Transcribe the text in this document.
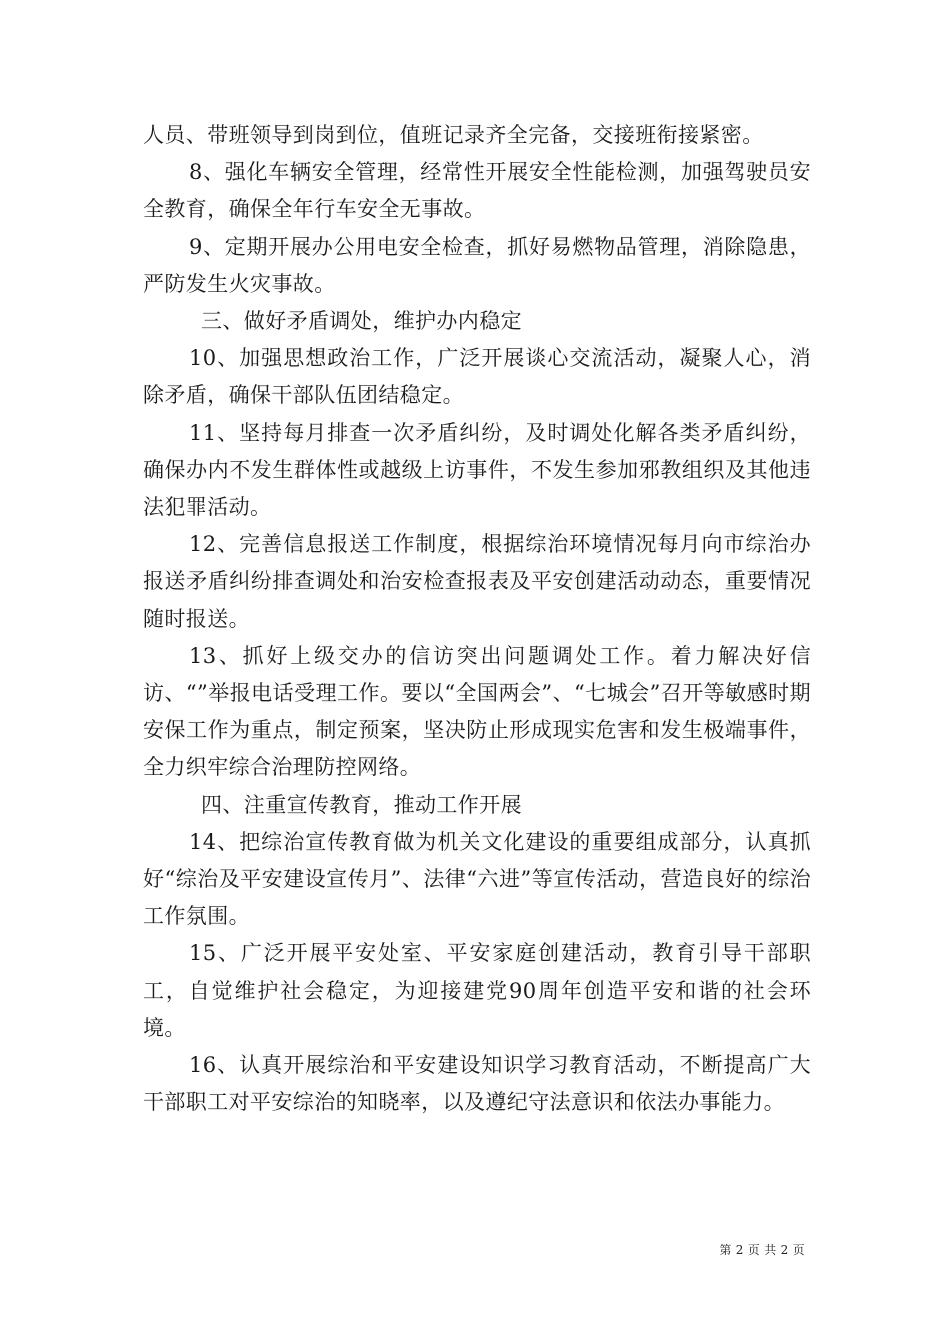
人员、带班领导到岗到位，值班记录齐全完备，交接班衔接紧密。

8、强化车辆安全管理，经常性开展安全性能检测，加强驾驶员安全教育，确保全年行车安全无事故。

9、定期开展办公用电安全检查，抓好易燃物品管理，消除隐患，严防发生火灾事故。

三、做好矛盾调处，维护办内稳定

10、加强思想政治工作，广泛开展谈心交流活动，凝聚人心，消除矛盾，确保干部队伍团结稳定。

11、坚持每月排查一次矛盾纠纷，及时调处化解各类矛盾纠纷，确保办内不发生群体性或越级上访事件，不发生参加邪教组织及其他违法犯罪活动。

12、完善信息报送工作制度，根据综治环境情况每月向市综治办报送矛盾纠纷排查调处和治安检查报表及平安创建活动动态，重要情况随时报送。

13、抓好上级交办的信访突出问题调处工作。着力解决好信访、“”举报电话受理工作。要以“全国两会”、“七城会”召开等敏感时期安保工作为重点，制定预案，坚决防止形成现实危害和发生极端事件，全力织牢综合治理防控网络。

四、注重宣传教育，推动工作开展

14、把综治宣传教育做为机关文化建设的重要组成部分，认真抓好“综治及平安建设宣传月”、法律“六进”等宣传活动，营造良好的综治工作氛围。

15、广泛开展平安处室、平安家庭创建活动，教育引导干部职工，自觉维护社会稳定，为迎接建党90周年创造平安和谐的社会环境。

16、认真开展综治和平安建设知识学习教育活动，不断提高广大干部职工对平安综治的知晓率，以及遵纪守法意识和依法办事能力。

第 2 页 共 2 页
